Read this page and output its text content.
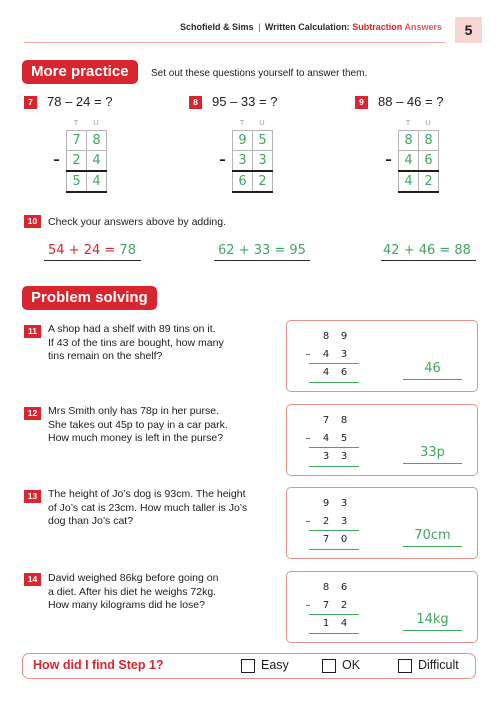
Schofield & Sims | Written Calculation: Subtraction Answers	5
More practice	Set out these questions yourself to answer them.
7	78 – 24 = ?
T U
	7	8
–	2	4
	5	4
8	95 – 33 = ?
T U
	9	5
–	3	3
	6	2
9	88 – 46 = ?
T U
	8	8
–	4	6
	4	2
10	Check your answers above by adding.
54 + 24 = 78	62 + 33 = 95	42 + 46 = 88
Problem solving
11	A shop had a shelf with 89 tins on it.
If 43 of the tins are bought, how many
tins remain on the shelf?
8	9
–	4	3
4	6	46
12	Mrs Smith only has 78p in her purse.
She takes out 45p to pay in a car park.
How much money is left in the purse?
7	8
–	4	5
3	3	33p
13	The height of Jo’s dog is 93cm. The height
of Jo’s cat is 23cm. How much taller is Jo’s
dog than Jo’s cat?
9	3
–	2	3
7	0	70cm
14	David weighed 86kg before going on
a diet. After his diet he weighs 72kg.
How many kilograms did he lose?
8	6
–	7	2
1	4	14kg
How did I find Step 1?	Easy	OK	Difficult
